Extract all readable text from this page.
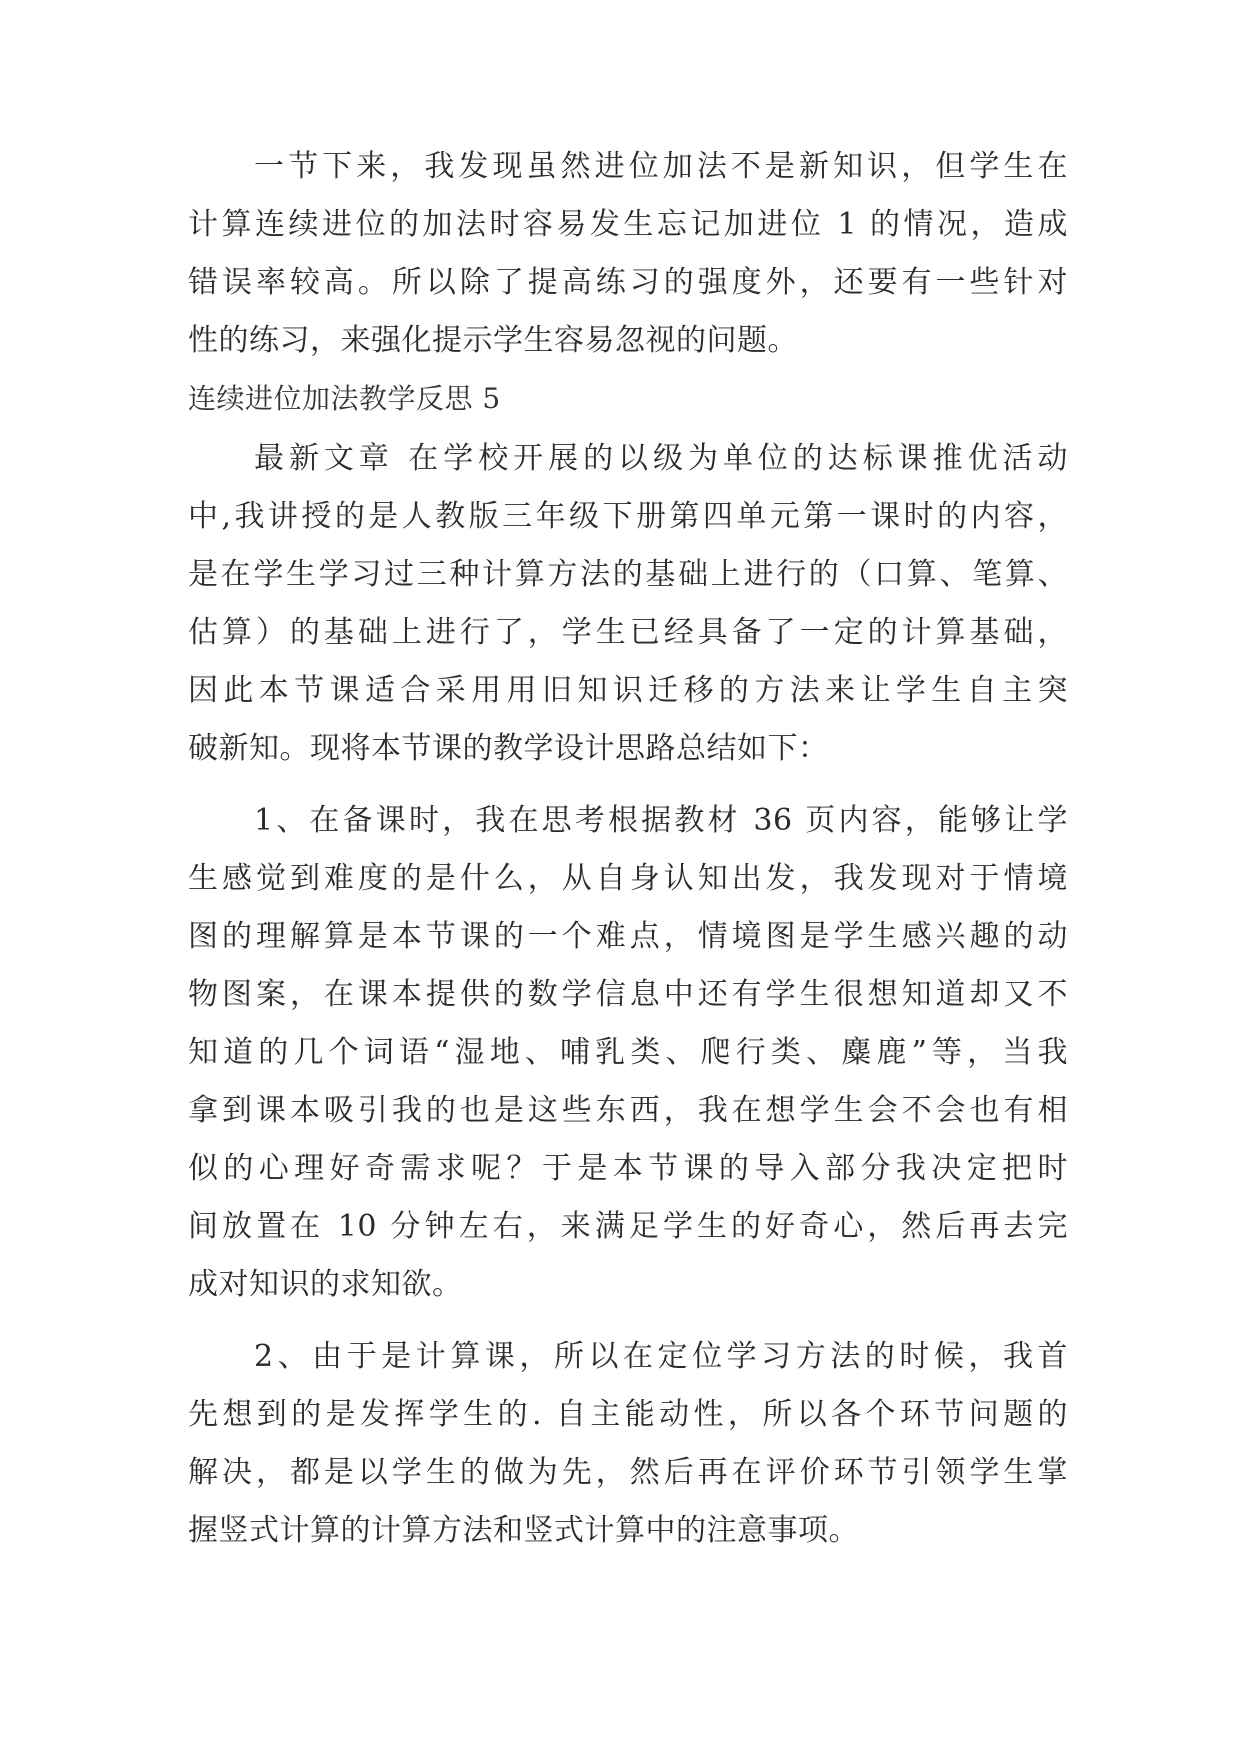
一节下来，我发现虽然进位加法不是新知识，但学生在
计算连续进位的加法时容易发生忘记加进位 1 的情况，造成
错误率较高。所以除了提高练习的强度外，还要有一些针对
性的练习，来强化提示学生容易忽视的问题。
连续进位加法教学反思 5
最新文章 在学校开展的以级为单位的达标课推优活动
中,我讲授的是人教版三年级下册第四单元第一课时的内容，
是在学生学习过三种计算方法的基础上进行的（口算、笔算、
估算）的基础上进行了，学生已经具备了一定的计算基础，
因此本节课适合采用用旧知识迁移的方法来让学生自主突
破新知。现将本节课的教学设计思路总结如下：
1、在备课时，我在思考根据教材 36 页内容，能够让学
生感觉到难度的是什么，从自身认知出发，我发现对于情境
图的理解算是本节课的一个难点，情境图是学生感兴趣的动
物图案，在课本提供的数学信息中还有学生很想知道却又不
知道的几个词语“湿地、哺乳类、爬行类、麋鹿”等，当我
拿到课本吸引我的也是这些东西，我在想学生会不会也有相
似的心理好奇需求呢？于是本节课的导入部分我决定把时
间放置在 10 分钟左右，来满足学生的好奇心，然后再去完
成对知识的求知欲。
2、由于是计算课，所以在定位学习方法的时候，我首
先想到的是发挥学生的. 自主能动性，所以各个环节问题的
解决，都是以学生的做为先，然后再在评价环节引领学生掌
握竖式计算的计算方法和竖式计算中的注意事项。
